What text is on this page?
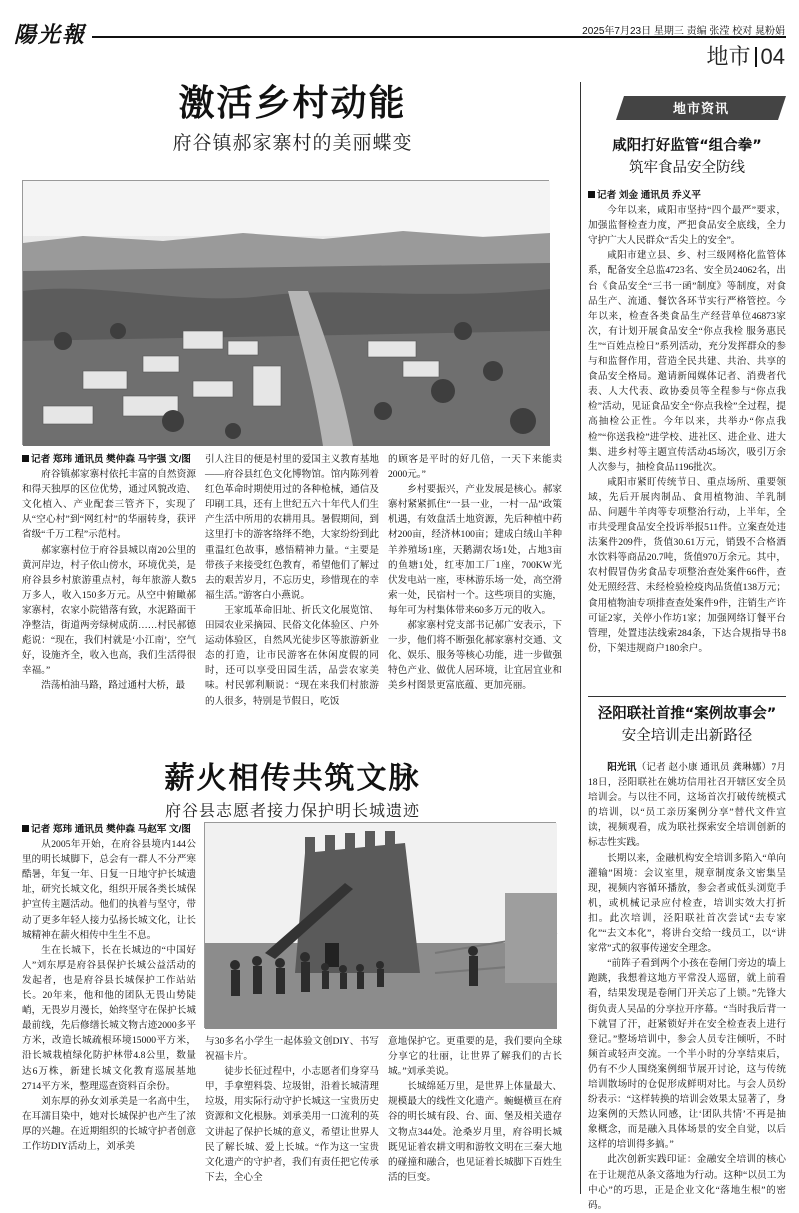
陽光報	2025年7月23日 星期三 责编 张滢 校对 晁粉娟
地市 04
激活乡村动能
府谷镇郝家寨村的美丽蝶变

记者 郑玮 通讯员 樊仲森 马宇强 文/图

府谷镇郝家寨村依托丰富的自然资源和得天独厚的区位优势，通过风貌改造、文化植入、产业配套三管齐下，实现了从“空心村”到“网红村”的华丽转身，获评省级“千万工程”示范村。

郝家寨村位于府谷县城以南20公里的黄河岸边，村子依山傍水，环境优美，是府谷县乡村旅游重点村，每年旅游人数5万多人，收入150多万元。从空中俯瞰郝家寨村，农家小院错落有致，水泥路面干净整洁，街道两旁绿树成荫……村民郝德彪说：“现在，我们村就是‘小江南’，空气好，设施齐全，收入也高，我们生活得很幸福。”

浩荡柏油马路，路过通村大桥，最

引人注目的便是村里的爱国主义教育基地——府谷县红色文化博物馆。馆内陈列着红色革命时期使用过的各种枪械，通信及印刷工具，还有上世纪五六十年代人们生产生活中所用的农耕用具。暑假期间，到这里打卡的游客络绎不绝，大家纷纷到此重温红色故事，感悟精神力量。“主要是带孩子来接受红色教育，希望他们了解过去的艰苦岁月，不忘历史，珍惜现在的幸福生活。”游客白小燕说。

王家坬革命旧址、折氏文化展览馆、田园农业采摘园、民俗文化体验区、户外运动体验区，自然风光徒步区等旅游新业态的打造，让市民游客在休闲度假的同时，还可以享受田园生活，品尝农家美味。村民郭利顺说：“现在来我们村旅游的人很多，特别是节假日，吃饭

的顾客是平时的好几倍，一天下来能卖2000元。”

乡村要振兴，产业发展是核心。郝家寨村紧紧抓住“一县一业，一村一品”政策机遇，有效盘活土地资源，先后种植中药材200亩，经济林100亩；建成白绒山羊种羊养殖场1座，天鹅湖农场1处，占地3亩的鱼塘1处，红枣加工厂1座，700KW光伏发电站一座，枣林游乐场一处，高空滑索一处，民宿村一个。这些项目的实施，每年可为村集体带来60多万元的收入。

郝家寨村党支部书记郝广安表示，下一步，他们将不断强化郝家寨村交通、文化、娱乐、服务等核心功能，进一步做强特色产业、做优人居环境，让宜居宜业和美乡村图景更富底蕴、更加亮丽。

薪火相传共筑文脉
府谷县志愿者接力保护明长城遗迹

记者 郑玮 通讯员 樊仲森 马赵军 文/图

从2005年开始，在府谷县境内144公里的明长城脚下，总会有一群人不分严寒酷暑，年复一年、日复一日地守护长城遗址，研究长城文化，组织开展各类长城保护宣传主题活动。他们的执着与坚守，带动了更多年轻人接力弘扬长城文化，让长城精神在薪火相传中生生不息。

生在长城下，长在长城边的“中国好人”刘东厚是府谷县保护长城公益活动的发起者，也是府谷县长城保护工作站站长。20年来，他和他的团队无畏山势陡峭，无畏岁月漫长，始终坚守在保护长城最前线，先后修缮长城文物古迹2000多平方米，改造长城疏根环境15000平方米，沿长城栽植绿化防护林带4.8公里，数量达6万株，新建长城文化教育巡展基地2714平方米，整理巡查资料百余份。

刘东厚的孙女刘承美是一名高中生，在耳濡目染中，她对长城保护也产生了浓厚的兴趣。在近期组织的长城守护者创意工作坊DIY活动上，刘承美

与30多名小学生一起体验文创DIY、书写祝福卡片。

徒步长征过程中，小志愿者们身穿马甲，手拿塑料袋、垃圾钳，沿着长城清理垃圾，用实际行动守护长城这一宝贵历史资源和文化根脉。刘承美用一口流利的英文讲起了保护长城的意义，希望让世界人民了解长城、爱上长城。“作为这一宝贵文化遗产的守护者，我们有责任把它传承下去，全心全

意地保护它。更重要的是，我们要向全球分享它的壮丽，让世界了解我们的古长城。”刘承美说。

长城绵延万里，是世界上体量最大、规模最大的线性文化遗产。蜿蜒横亘在府谷的明长城有段、台、面、堡及相关遗存文物点344处。沧桑岁月里，府谷明长城既见证着农耕文明和游牧文明在三秦大地的碰撞和融合，也见证着长城脚下百姓生活的巨变。

地市资讯
咸阳打好监管“组合拳”
筑牢食品安全防线

记者 刘金 通讯员 乔义平

今年以来，咸阳市坚持“四个最严”要求，加强监督检查力度，严把食品安全底线，全力守护广大人民群众“舌尖上的安全”。

咸阳市建立县、乡、村三级网格化监管体系，配备安全总监4723名、安全员24062名，出台《食品安全“三书一函”制度》等制度，对食品生产、流通、餐饮各环节实行严格管控。今年以来，检查各类食品生产经营单位46873家次，有计划开展食品安全“你点我检 服务惠民生”“百姓点检日”系列活动，充分发挥群众的参与和监督作用，营造全民共建、共治、共享的食品安全格局。邀请新闻媒体记者、消费者代表、人大代表、政协委员等全程参与“你点我检”活动，见证食品安全“你点我检”全过程，提高抽检公正性。今年以来，共举办“你点我检”“你送我检”进学校、进社区、进企业、进大集、进乡村等主题宣传活动45场次，吸引万余人次参与，抽检食品1196批次。

咸阳市紧盯传统节日、重点场所、重要领域，先后开展肉制品、食用植物油、羊乳制品、问题牛羊肉等专项整治行动，上半年，全市共受理食品安全投诉举报511件。立案查处违法案件209件，货值30.61万元，销毁不合格酒水饮料等商品20.7吨，货值970万余元。其中，农村假冒伪劣食品专项整治查处案件66件，查处无照经营、未经检验检疫肉品货值138万元；食用植物油专项排查查处案件9件，注销生产许可证2家，关停小作坊1家；加强网络订餐平台管理，处置违法线索284条，下达合规指导书8份，下架违规商户180余户。

泾阳联社首推“案例故事会”
安全培训走出新路径

阳光讯（记者 赵小康 通讯员 龚琳娜）7月18日，泾阳联社在姚坊信用社召开辖区安全员培训会。与以往不同，这场首次打破传统模式的培训，以“员工亲历案例分享”替代文件宣读，视频观看，成为联社探索安全培训创新的标志性实践。

长期以来，金融机构安全培训多陷入“单向灌输”困境：会议室里，规章制度条文密集呈现，视频内容循环播放，参会者或低头浏览手机，或机械记录应付检查，培训实效大打折扣。此次培训，泾阳联社首次尝试“去专家化”“去文本化”，将讲台交给一线员工，以“讲家常”式的叙事传递安全理念。

“前阵子看到两个小孩在卷闸门旁边的墙上跑跳，我想着这地方平常没人巡留，就上前看看，结果发现是卷闸门开关忘了上锁。”先锋大街负责人吴品的分享拉开序幕。“当时我后背一下就冒了汗，赶紧锁好并在安全检查表上进行登记。”整场培训中，参会人员专注倾听，不时频首或轻声交流。一个半小时的分享结束后，仍有不少人围绕案例细节展开讨论，这与传统培训散场时的仓促形成鲜明对比。与会人员纷纷表示：“这样转换的培训会效果太显著了，身边案例的天然认同感，让‘团队共情’不再是抽象概念，而是融入具体场景的安全自觉，以后这样的培训得多搞。”

此次创新实践印证：金融安全培训的核心在于让规范从条文落地为行动。这种“以员工为中心”的巧思，正是企业文化“落地生根”的密码。
